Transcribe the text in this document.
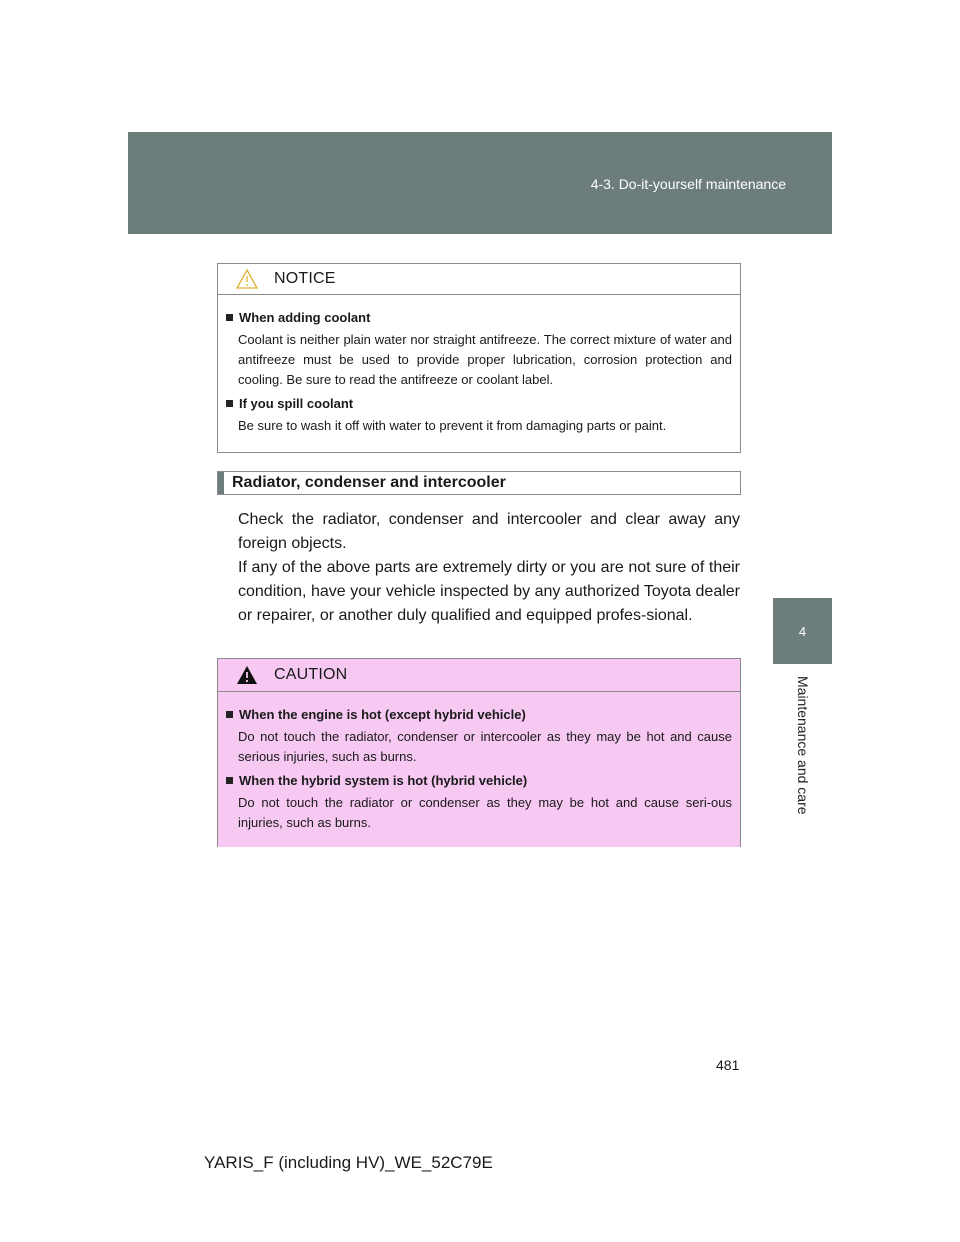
4-3. Do-it-yourself maintenance
4
Maintenance and care
NOTICE
When adding coolant
Coolant is neither plain water nor straight antifreeze. The correct mixture of water and antifreeze must be used to provide proper lubrication, corrosion protection and cooling. Be sure to read the antifreeze or coolant label.
If you spill coolant
Be sure to wash it off with water to prevent it from damaging parts or paint.
Radiator, condenser and intercooler

Check the radiator, condenser and intercooler and clear away any foreign objects.

If any of the above parts are extremely dirty or you are not sure of their condition, have your vehicle inspected by any authorized Toyota dealer or repairer, or another duly qualified and equipped profes-sional.

CAUTION
When the engine is hot (except hybrid vehicle)
Do not touch the radiator, condenser or intercooler as they may be hot and cause serious injuries, such as burns.
When the hybrid system is hot (hybrid vehicle)
Do not touch the radiator or condenser as they may be hot and cause seri-ous injuries, such as burns.
481
YARIS_F (including HV)_WE_52C79E
